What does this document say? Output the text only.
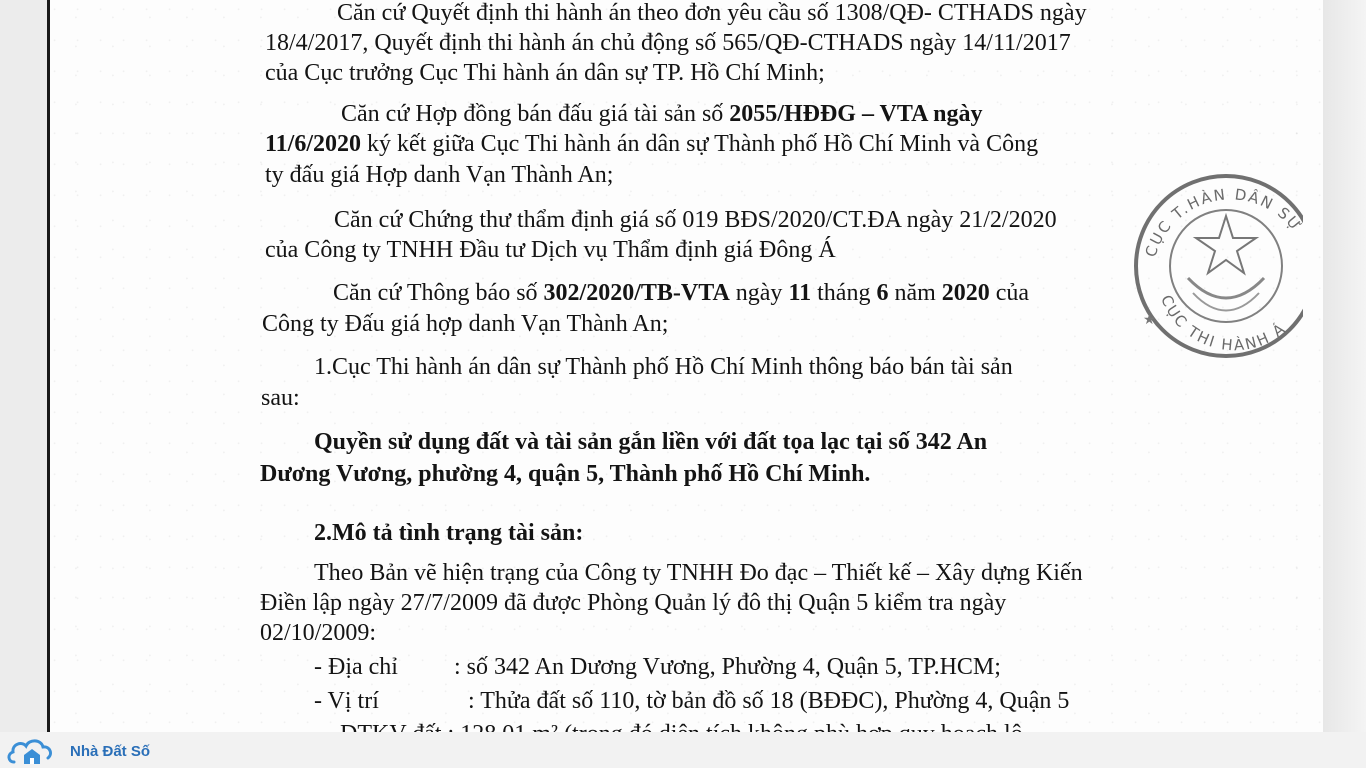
Căn cứ Quyết định thi hành án theo đơn yêu cầu số 1308/QĐ- CTHADS ngày
18/4/2017, Quyết định thi hành án chủ động số 565/QĐ-CTHADS ngày 14/11/2017
của Cục trưởng Cục Thi hành án dân sự TP. Hồ Chí Minh;
Căn cứ Hợp đồng bán đấu giá tài sản số 2055/HĐĐG – VTA ngày
11/6/2020 ký kết giữa Cục Thi hành án dân sự Thành phố Hồ Chí Minh và Công
ty đấu giá Hợp danh Vạn Thành An;
Căn cứ Chứng thư thẩm định giá số 019 BĐS/2020/CT.ĐA ngày 21/2/2020
của Công ty TNHH Đầu tư Dịch vụ Thẩm định giá Đông Á
Căn cứ Thông báo số 302/2020/TB-VTA ngày 11 tháng 6 năm 2020 của
Công ty Đấu giá hợp danh Vạn Thành An;
1.Cục Thi hành án dân sự Thành phố Hồ Chí Minh thông báo bán tài sản
sau:
Quyền sử dụng đất và tài sản gắn liền với đất tọa lạc tại số 342 An
Dương Vương, phường 4, quận 5, Thành phố Hồ Chí Minh.
2.Mô tả tình trạng tài sản:
Theo Bản vẽ hiện trạng của Công ty TNHH Đo đạc – Thiết kế – Xây dựng Kiến
Điền lập ngày 27/7/2009 đã được Phòng Quản lý đô thị Quận 5 kiểm tra ngày
02/10/2009:
- Địa chỉ : số 342 An Dương Vương, Phường 4, Quận 5, TP.HCM;
- Vị trí	: Thửa đất số 110, tờ bản đồ số 18 (BĐĐC), Phường 4, Quận 5
CỤC T.HÀN DÂN S
CỤC THI HÀNH Á
★
Nhà Đất Số
